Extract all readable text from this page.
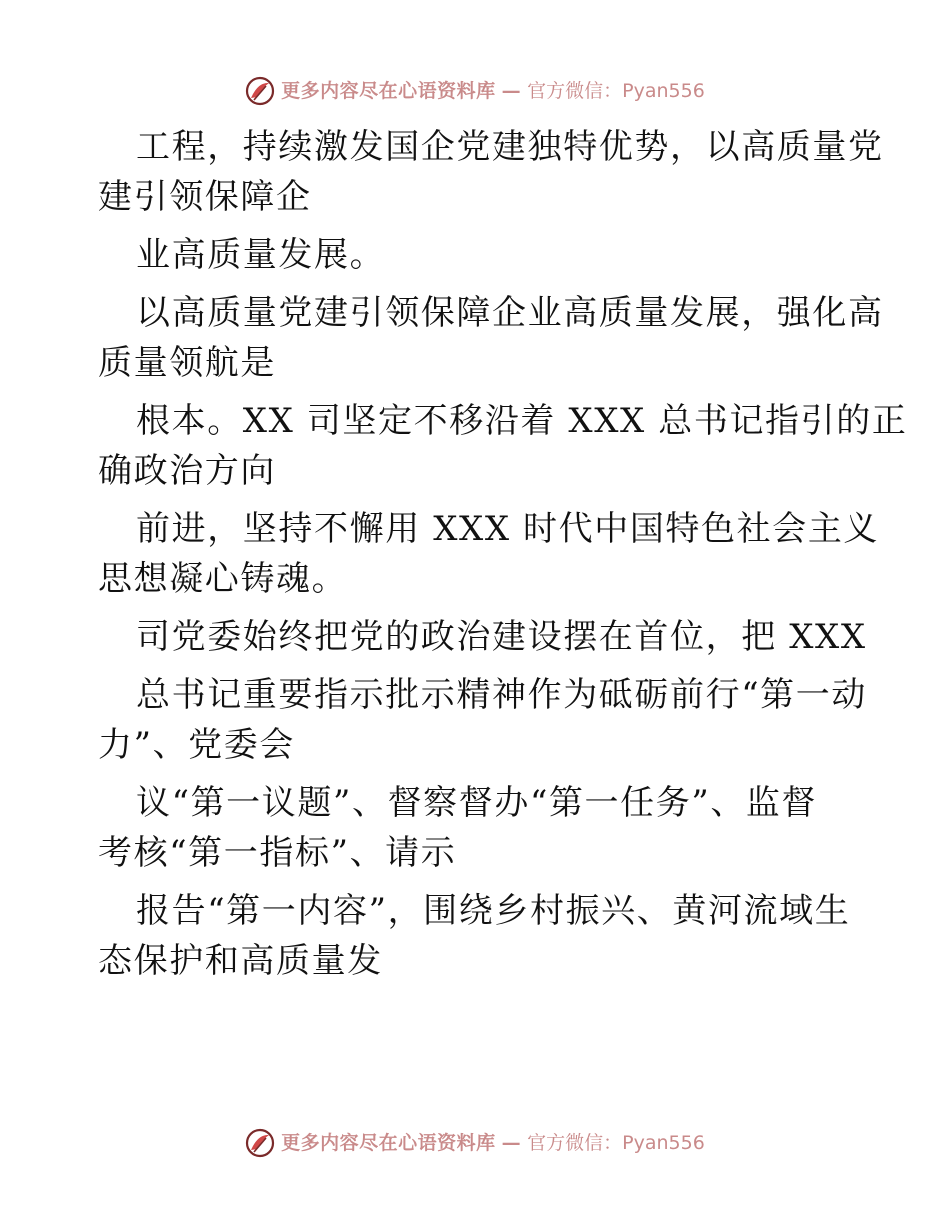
更多内容尽在心语资料库 — 官方微信：Pyan556
工程，持续激发国企党建独特优势，以高质量党
建引领保障企
业高质量发展。
以高质量党建引领保障企业高质量发展，强化高
质量领航是
根本。XX 司坚定不移沿着 XXX 总书记指引的正
确政治方向
前进，坚持不懈用 XXX 时代中国特色社会主义
思想凝心铸魂。
司党委始终把党的政治建设摆在首位，把 XXX
总书记重要指示批示精神作为砥砺前行“第一动
力”、党委会
议“第一议题”、督察督办“第一任务”、监督
考核“第一指标”、请示
报告“第一内容”，围绕乡村振兴、黄河流域生
态保护和高质量发
更多内容尽在心语资料库 — 官方微信：Pyan556
